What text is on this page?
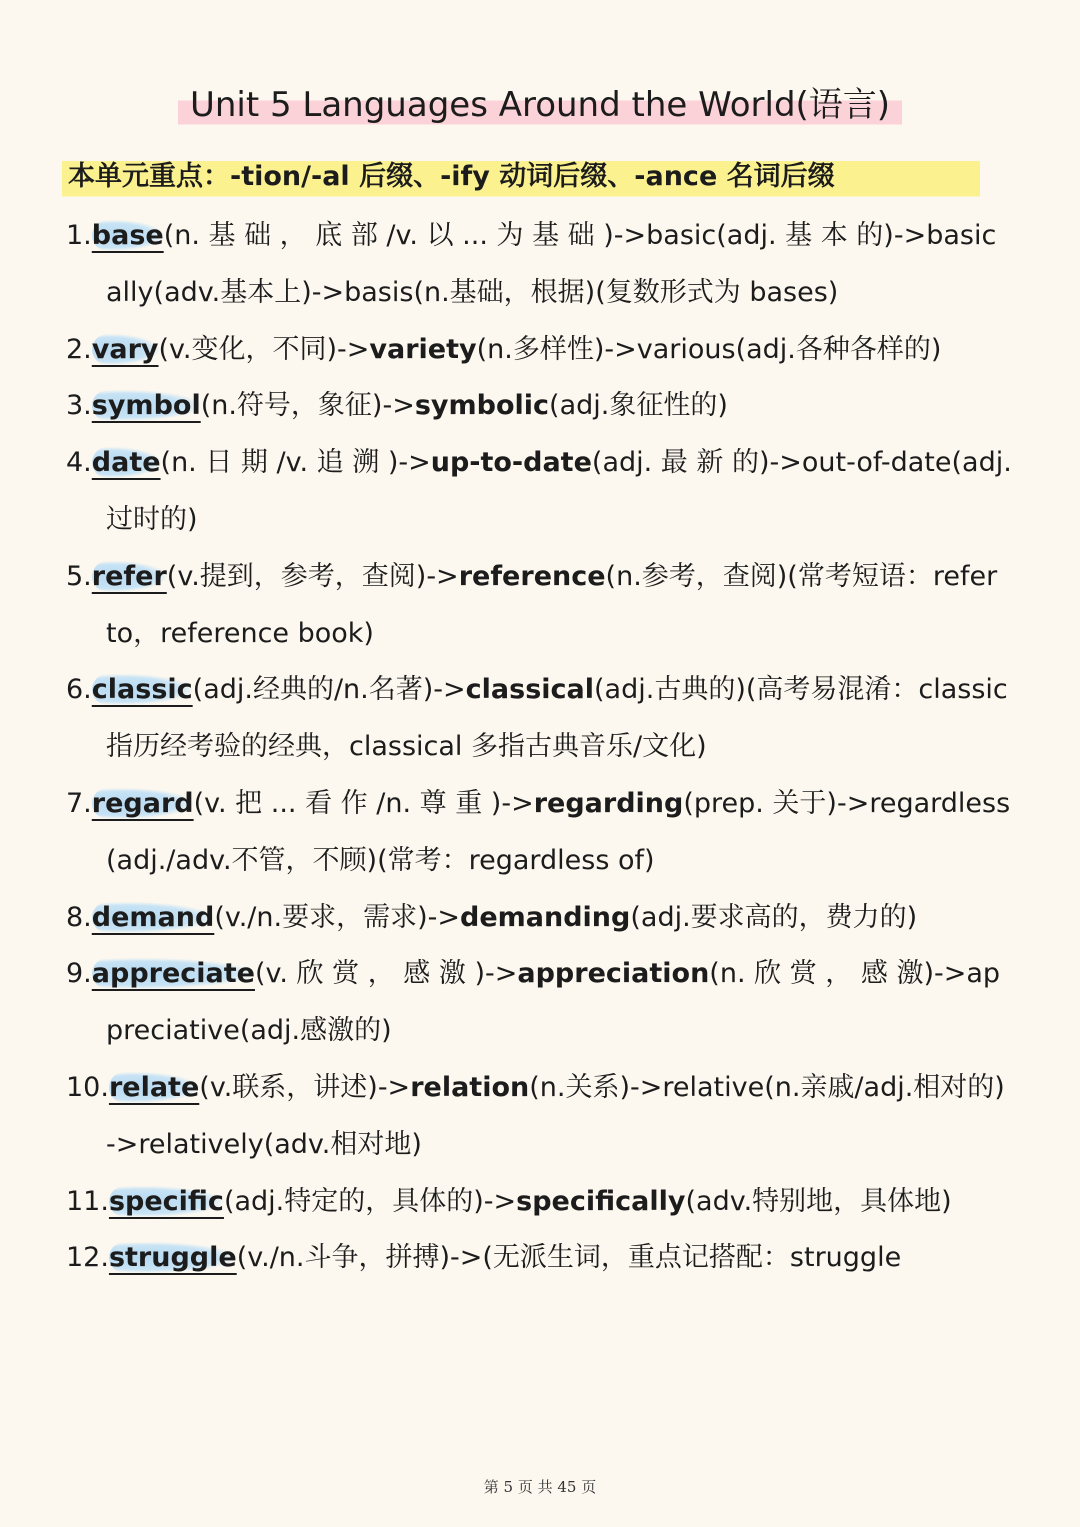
Unit 5 Languages Around the World(语言)
本单元重点：-tion/-al 后缀、-ify 动词后缀、-ance 名词后缀
1.base(n. 基 础 ， 底 部 /v. 以 ... 为 基 础 )->basic(adj. 基 本 的)->basically(adv.基本上)->basis(n.基础，根据)(复数形式为 bases)
2.vary(v.变化，不同)->variety(n.多样性)->various(adj.各种各样的)
3.symbol(n.符号，象征)->symbolic(adj.象征性的)
4.date(n. 日 期 /v. 追 溯 )->up-to-date(adj. 最 新 的)->out-of-date(adj.过时的)
5.refer(v.提到，参考，查阅)->reference(n.参考，查阅)(常考短语：refer to，reference book)
6.classic(adj.经典的/n.名著)->classical(adj.古典的)(高考易混淆：classic 指历经考验的经典，classical 多指古典音乐/文化)
7.regard(v. 把 ... 看 作 /n. 尊 重 )->regarding(prep. 关于)->regardless(adj./adv.不管，不顾)(常考：regardless of)
8.demand(v./n.要求，需求)->demanding(adj.要求高的，费力的)
9.appreciate(v. 欣 赏 ， 感 激 )->appreciation(n. 欣 赏 ， 感 激)->appreciative(adj.感激的)
10.relate(v.联系，讲述)->relation(n.关系)->relative(n.亲戚/adj.相对的)->relatively(adv.相对地)
11.specific(adj.特定的，具体的)->specifically(adv.特别地，具体地)
12.struggle(v./n.斗争，拼搏)->(无派生词，重点记搭配：struggle
第 5 页 共 45 页
